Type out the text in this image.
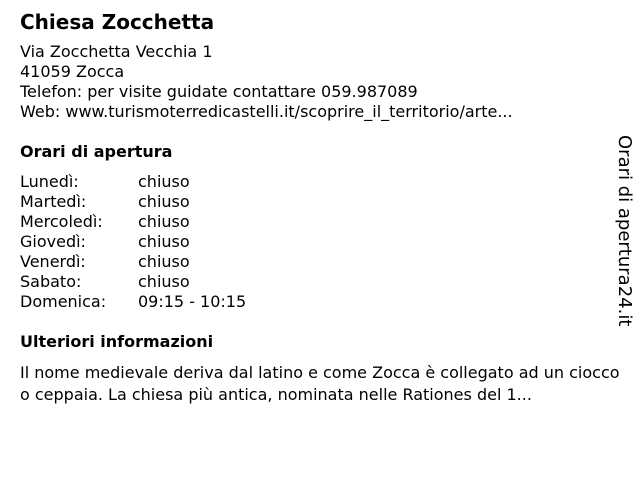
Chiesa Zocchetta
Via Zocchetta Vecchia 1
41059 Zocca
Telefon: per visite guidate contattare 059.987089
Web: www.turismoterredicastelli.it/scoprire_il_territorio/arte...
Orari di apertura
Lunedì:	chiuso
Martedì:	chiuso
Mercoledì:	chiuso
Giovedì:	chiuso
Venerdì:	chiuso
Sabato:	chiuso
Domenica:	09:15 - 10:15
Ulteriori informazioni
Il nome medievale deriva dal latino e come Zocca è collegato ad un ciocco o ceppaia. La chiesa più antica, nominata nelle Rationes del 1...
Orari di apertura24.it
